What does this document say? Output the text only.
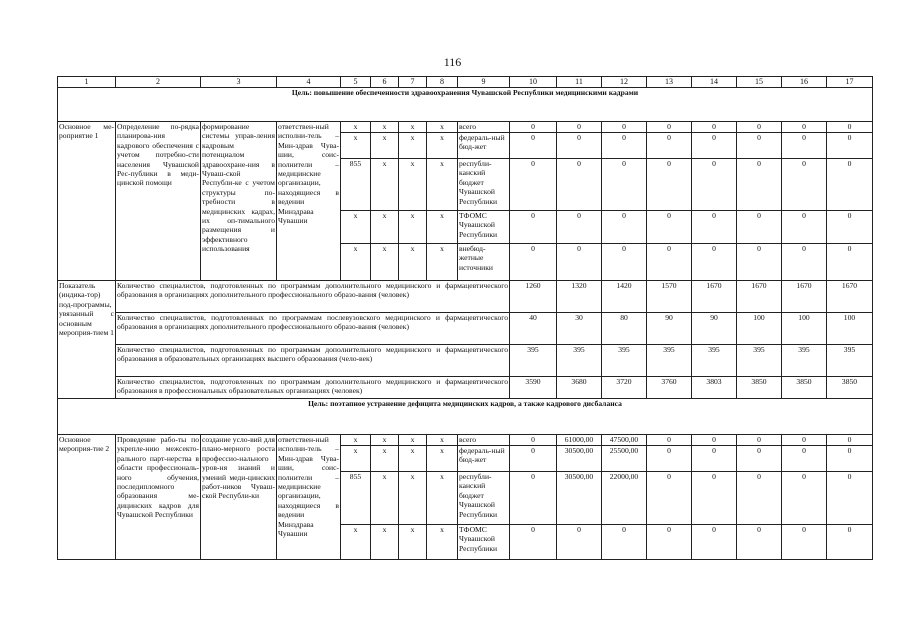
116
1	2	3	4	5	6	7	8	9	10	11	12	13	14	15	16	17
Цель: повышение обеспеченности здравоохранения Чувашской Республики медицинскими кадрами																
Основное ме-роприятие 1	Определение по-рядка планирова-ния кадрового обеспечения с учетом потребно-сти населения Чувашской Рес-публики в меди-цинской помощи	формирование системы управ-ления кадровым потенциалом здравоохране-ния в Чуваш-ской Республи-ке с учетом структуры по-требности в медицинских кадрах, их оп-тимального размещения и эффективного использования	ответствен-ный исполни-тель – Мин-здрав Чува-шии, соис-полнители – медицинские организации, находящиеся в ведении Минздрава Чувашии	x	x	x	x	всего	0	0	0	0	0	0	0	0
				x	x	x	x	федераль-ный бюд-жет	0	0	0	0	0	0	0	0
				855	x	x	x	республи-канский бюджет Чувашской Республики	0	0	0	0	0	0	0	0
				x	x	x	x	ТФОМС Чувашской Республики	0	0	0	0	0	0	0	0
				x	x	x	x	внебюд-жетные источники	0	0	0	0	0	0	0	0
Показатель (индика-тор) под-программы, увязанный с основным мероприя-тием 1	Количество специалистов, подготовленных по программам дополнительного медицинского и фармацевтического образования в организациях дополнительного профессионального образо-вания (человек)								1260	1320	1420	1570	1670	1670	1670	1670
	Количество специалистов, подготовленных по программам послевузовского медицинского и фармацевтического образования в организациях дополнительного профессионального образо-вания (человек)								40	30	80	90	90	100	100	100
	Количество специалистов, подготовленных по программам дополнительного медицинского и фармацевтического образования в образовательных организациях высшего образования (чело-век)								395	395	395	395	395	395	395	395
	Количество специалистов, подготовленных по программам дополнительного медицинского и фармацевтического образования в профессиональных образовательных организациях (человек)								3590	3680	3720	3760	3803	3850	3850	3850
Цель: поэтапное устранение дефицита медицинских кадров, а также кадрового дисбаланса																
Основное мероприя-тие 2	Проведение рабо-ты по укрепле-нию межсекто-рального парт-нерства в области профессиональ-ного обучения, последипломного образования ме-дицинских кадров для Чувашской Республики	создание усло-вий для плано-мерного роста профессио-нального уров-ня знаний и умений меди-цинских работ-ников Чуваш-ской Республи-ки	ответствен-ный исполни-тель – Мин-здрав Чува-шии, соис-полнители – медицинские организации, находящиеся в ведении Минздрава Чувашии	x	x	x	x	всего	0	61000,00	47500,00	0	0	0	0	0
				x	x	x	x	федераль-ный бюд-жет	0	30500,00	25500,00	0	0	0	0	0
				855	x	x	x	республи-канский бюджет Чувашской Республики	0	30500,00	22000,00	0	0	0	0	0
				x	x	x	x	ТФОМС Чувашской Республики	0	0	0	0	0	0	0	0
